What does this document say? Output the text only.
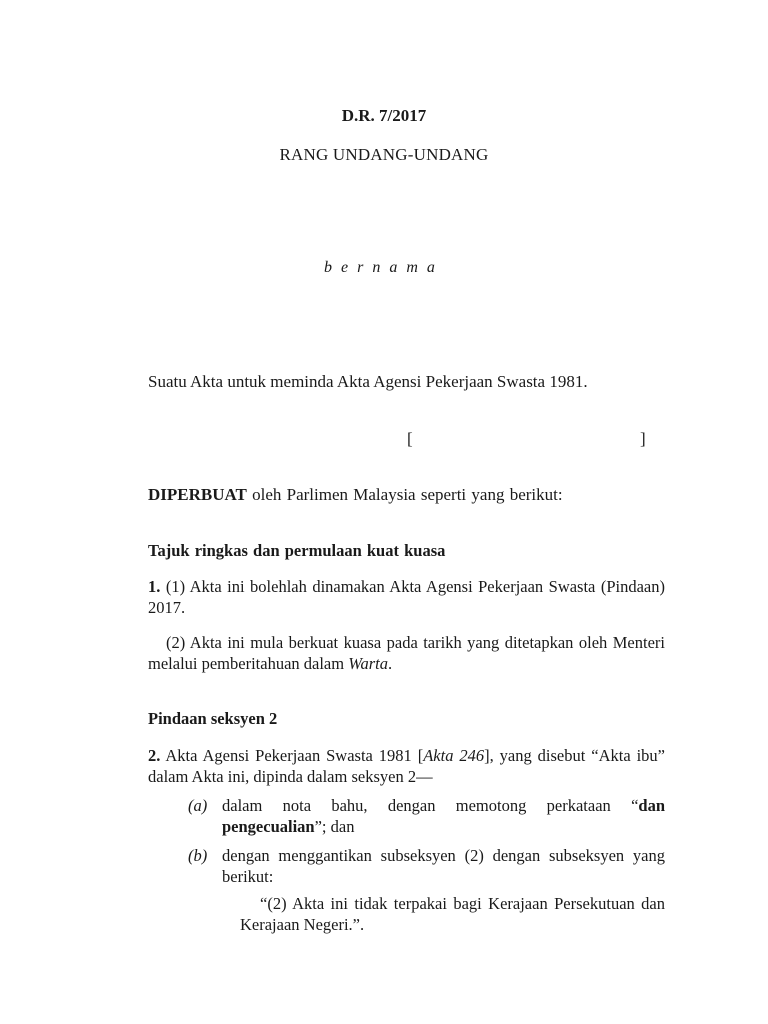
D.R. 7/2017
RANG UNDANG-UNDANG
bernama
Suatu Akta untuk meminda Akta Agensi Pekerjaan Swasta 1981.
[	]
DIPERBUAT oleh Parlimen Malaysia seperti yang berikut:
Tajuk ringkas dan permulaan kuat kuasa
1. (1) Akta ini bolehlah dinamakan Akta Agensi Pekerjaan Swasta (Pindaan) 2017.
(2) Akta ini mula berkuat kuasa pada tarikh yang ditetapkan oleh Menteri melalui pemberitahuan dalam Warta.
Pindaan seksyen 2
2. Akta Agensi Pekerjaan Swasta 1981 [Akta 246], yang disebut “Akta ibu” dalam Akta ini, dipinda dalam seksyen 2—
(a) dalam nota bahu, dengan memotong perkataan “dan pengecualian”; dan
(b) dengan menggantikan subseksyen (2) dengan subseksyen yang berikut:
“(2) Akta ini tidak terpakai bagi Kerajaan Persekutuan dan Kerajaan Negeri.”.
